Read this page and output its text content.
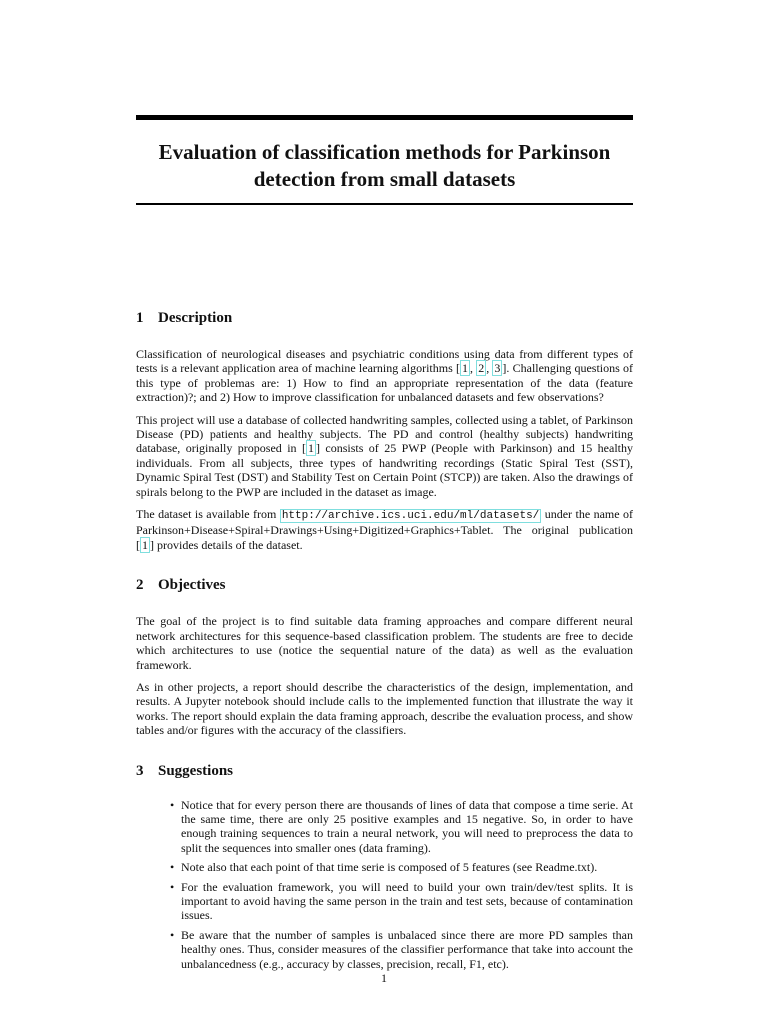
Evaluation of classification methods for Parkinson detection from small datasets
1 Description

Classification of neurological diseases and psychiatric conditions using data from different types of tests is a relevant application area of machine learning algorithms [ 1 , 2 , 3 ]. Challenging questions of this type of problemas are: 1) How to find an appropriate representation of the data (feature extraction)?; and 2) How to improve classification for unbalanced datasets and few observations?

This project will use a database of collected handwriting samples, collected using a tablet, of Parkinson Disease (PD) patients and healthy subjects. The PD and control (healthy subjects) handwriting database, originally proposed in [ 1 ] consists of 25 PWP (People with Parkinson) and 15 healthy individuals. From all subjects, three types of handwriting recordings (Static Spiral Test (SST), Dynamic Spiral Test (DST) and Stability Test on Certain Point (STCP)) are taken. Also the drawings of spirals belong to the PWP are included in the dataset as image.

The dataset is available from http://archive.ics.uci.edu/ml/datasets/ under the name of Parkinson+Disease+Spiral+Drawings+Using+Digitized+Graphics+Tablet. The original publication [ 1 ] provides details of the dataset.

2 Objectives

The goal of the project is to find suitable data framing approaches and compare different neural network architectures for this sequence-based classification problem. The students are free to decide which architectures to use (notice the sequential nature of the data) as well as the evaluation framework.

As in other projects, a report should describe the characteristics of the design, implementation, and results. A Jupyter notebook should include calls to the implemented function that illustrate the way it works. The report should explain the data framing approach, describe the evaluation process, and show tables and/or figures with the accuracy of the classifiers.

3 Suggestions
• Notice that for every person there are thousands of lines of data that compose a time serie. At the same time, there are only 25 positive examples and 15 negative. So, in order to have enough training sequences to train a neural network, you will need to preprocess the data to split the sequences into smaller ones (data framing).

• Note also that each point of that time serie is composed of 5 features (see Readme.txt).

• For the evaluation framework, you will need to build your own train/dev/test splits. It is important to avoid having the same person in the train and test sets, because of contamination issues.

• Be aware that the number of samples is unbalaced since there are more PD samples than healthy ones. Thus, consider measures of the classifier performance that take into account the unbalancedness (e.g., accuracy by classes, precision, recall, F1, etc).

1
